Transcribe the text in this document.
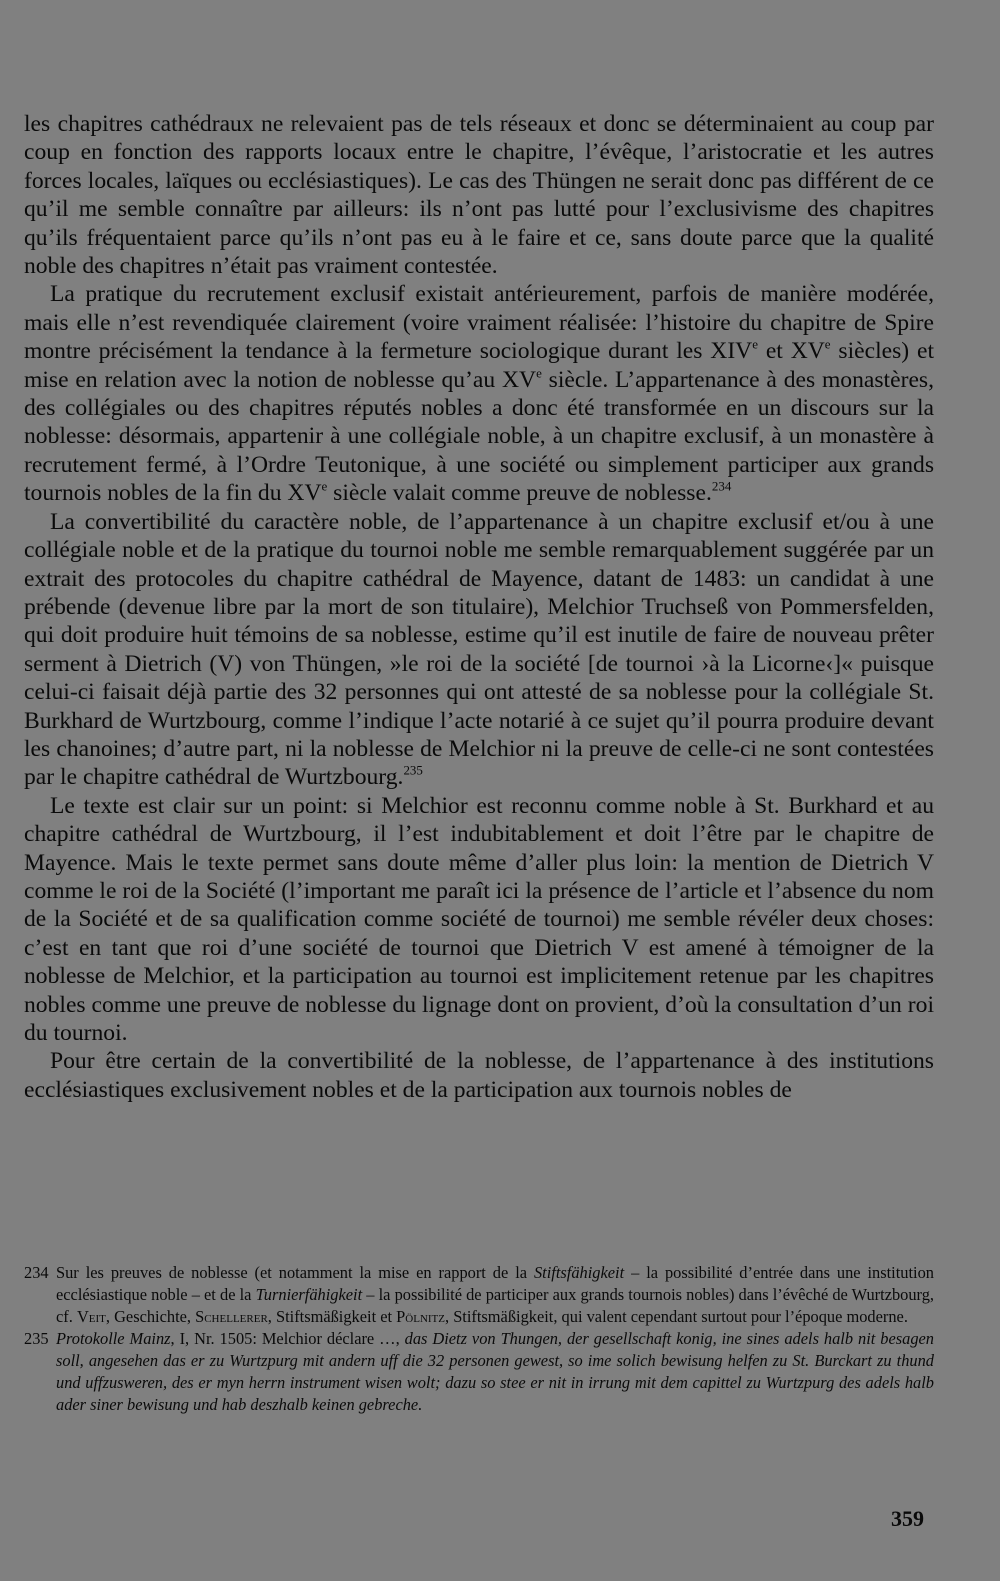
les chapitres cathédraux ne relevaient pas de tels réseaux et donc se déterminaient au coup par coup en fonction des rapports locaux entre le chapitre, l’évêque, l’aristocratie et les autres forces locales, laïques ou ecclésiastiques). Le cas des Thüngen ne serait donc pas différent de ce qu’il me semble connaître par ailleurs: ils n’ont pas lutté pour l’exclusivisme des chapitres qu’ils fréquentaient parce qu’ils n’ont pas eu à le faire et ce, sans doute parce que la qualité noble des chapitres n’était pas vraiment contestée.

La pratique du recrutement exclusif existait antérieurement, parfois de manière modérée, mais elle n’est revendiquée clairement (voire vraiment réalisée: l’histoire du chapitre de Spire montre précisément la tendance à la fermeture sociologique durant les XIVe et XVe siècles) et mise en relation avec la notion de noblesse qu’au XVe siècle. L’appartenance à des monastères, des collégiales ou des chapitres réputés nobles a donc été transformée en un discours sur la noblesse: désormais, appartenir à une collégiale noble, à un chapitre exclusif, à un monastère à recrutement fermé, à l’Ordre Teutonique, à une société ou simplement participer aux grands tournois nobles de la fin du XVe siècle valait comme preuve de noblesse.$^{234}$

La convertibilité du caractère noble, de l’appartenance à un chapitre exclusif et/ou à une collégiale noble et de la pratique du tournoi noble me semble remarquablement suggérée par un extrait des protocoles du chapitre cathédral de Mayence, datant de 1483: un candidat à une prébende (devenue libre par la mort de son titulaire), Melchior Truchseß von Pommersfelden, qui doit produire huit témoins de sa noblesse, estime qu’il est inutile de faire de nouveau prêter serment à Dietrich (V) von Thüngen, »le roi de la société [de tournoi ›à la Licorne‹]« puisque celui-ci faisait déjà partie des 32 personnes qui ont attesté de sa noblesse pour la collégiale St. Burkhard de Wurtzbourg, comme l’indique l’acte notarié à ce sujet qu’il pourra produire devant les chanoines; d’autre part, ni la noblesse de Melchior ni la preuve de celle-ci ne sont contestées par le chapitre cathédral de Wurtzbourg.$^{235}$

Le texte est clair sur un point: si Melchior est reconnu comme noble à St. Burkhard et au chapitre cathédral de Wurtzbourg, il l’est indubitablement et doit l’être par le chapitre de Mayence. Mais le texte permet sans doute même d’aller plus loin: la mention de Dietrich V comme le roi de la Société (l’important me paraît ici la présence de l’article et l’absence du nom de la Société et de sa qualification comme société de tournoi) me semble révéler deux choses: c’est en tant que roi d’une société de tournoi que Dietrich V est amené à témoigner de la noblesse de Melchior, et la participation au tournoi est implicitement retenue par les chapitres nobles comme une preuve de noblesse du lignage dont on provient, d’où la consultation d’un roi du tournoi.

Pour être certain de la convertibilité de la noblesse, de l’appartenance à des institutions ecclésiastiques exclusivement nobles et de la participation aux tournois nobles de

234 Sur les preuves de noblesse (et notamment la mise en rapport de la Stiftsfähigkeit – la possibilité d’entrée dans une institution ecclésiastique noble – et de la Turnierfähigkeit – la possibilité de participer aux grands tournois nobles) dans l’évêché de Wurtzbourg, cf. Veit, Geschichte, Schellerer, Stiftsmäßigkeit et Pölnitz, Stiftsmäßigkeit, qui valent cependant surtout pour l’époque moderne.
235 Protokolle Mainz, I, Nr. 1505: Melchior déclare …, das Dietz von Thungen, der gesellschaft konig, ine sines adels halb nit besagen soll, angesehen das er zu Wurtzpurg mit andern uff die 32 personen gewest, so ime solich bewisung helfen zu St. Burckart zu thund und uffzusweren, des er myn herrn instrument wisen wolt; dazu so stee er nit in irrung mit dem capittel zu Wurtzpurg des adels halb ader siner bewisung und hab deszhalb keinen gebreche.
359
